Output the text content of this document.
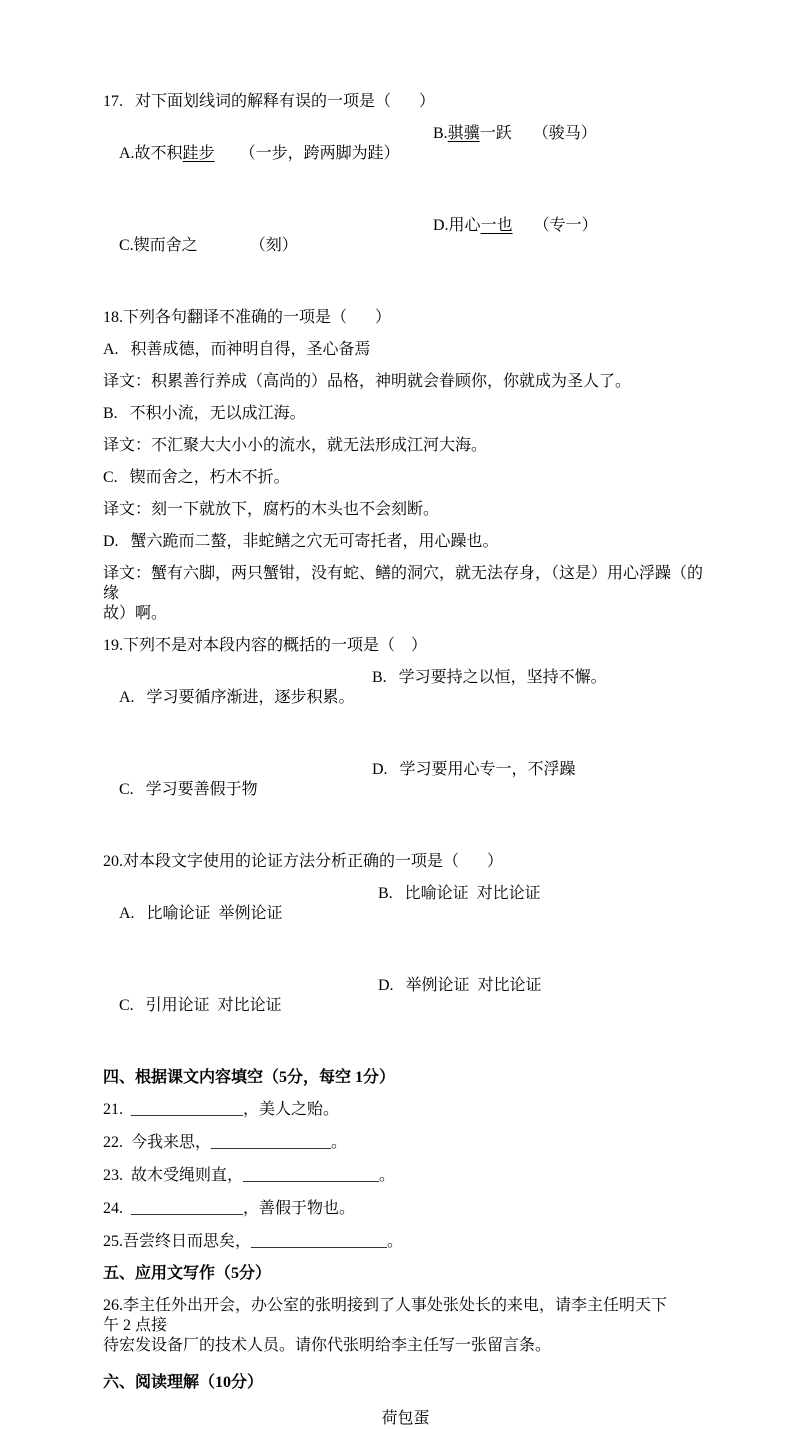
17.   对下面划线词的解释有误的一项是（       ）

A.故不积跬步 （一步，跨两脚为跬）

B.骐骥一跃 （骏马）

C.锲而舍之	（刻）

D.用心一也 （专一）

18.下列各句翻译不准确的一项是（       ）
A.   积善成德，而神明自得，圣心备焉
译文：积累善行养成（高尚的）品格，神明就会眷顾你，你就成为圣人了。
B.   不积小流，无以成江海。
译文：不汇聚大大小小的流水，就无法形成江河大海。
C.   锲而舍之，朽木不折。
译文：刻一下就放下，腐朽的木头也不会刻断。
D.   蟹六跪而二螯，非蛇鳝之穴无可寄托者，用心躁也。
译文：蟹有六脚，两只蟹钳，没有蛇、鳝的洞穴，就无法存身，（这是）用心浮躁（的缘
故）啊。
19.下列不是对本段内容的概括的一项是（    ）

A.   学习要循序渐进，逐步积累。

B.   学习要持之以恒，坚持不懈。

C.   学习要善假于物

D.   学习要用心专一，不浮躁

20.对本段文字使用的论证方法分析正确的一项是（       ）

A.   比喻论证  举例论证

B.   比喻论证  对比论证

C.   引用论证  对比论证

D.   举例论证  对比论证

四、根据课文内容填空（5分，每空 1分）
21.  ______________，美人之贻。
22.  今我来思，_______________。
23.  故木受绳则直，_________________。
24.  ______________，善假于物也。
25.吾尝终日而思矣，_________________。
五、应用文写作（5分）
26.李主任外出开会，办公室的张明接到了人事处张处长的来电，请李主任明天下午 2 点接
待宏发设备厂的技术人员。请你代张明给李主任写一张留言条。
六、阅读理解（10分）
荷包蛋
